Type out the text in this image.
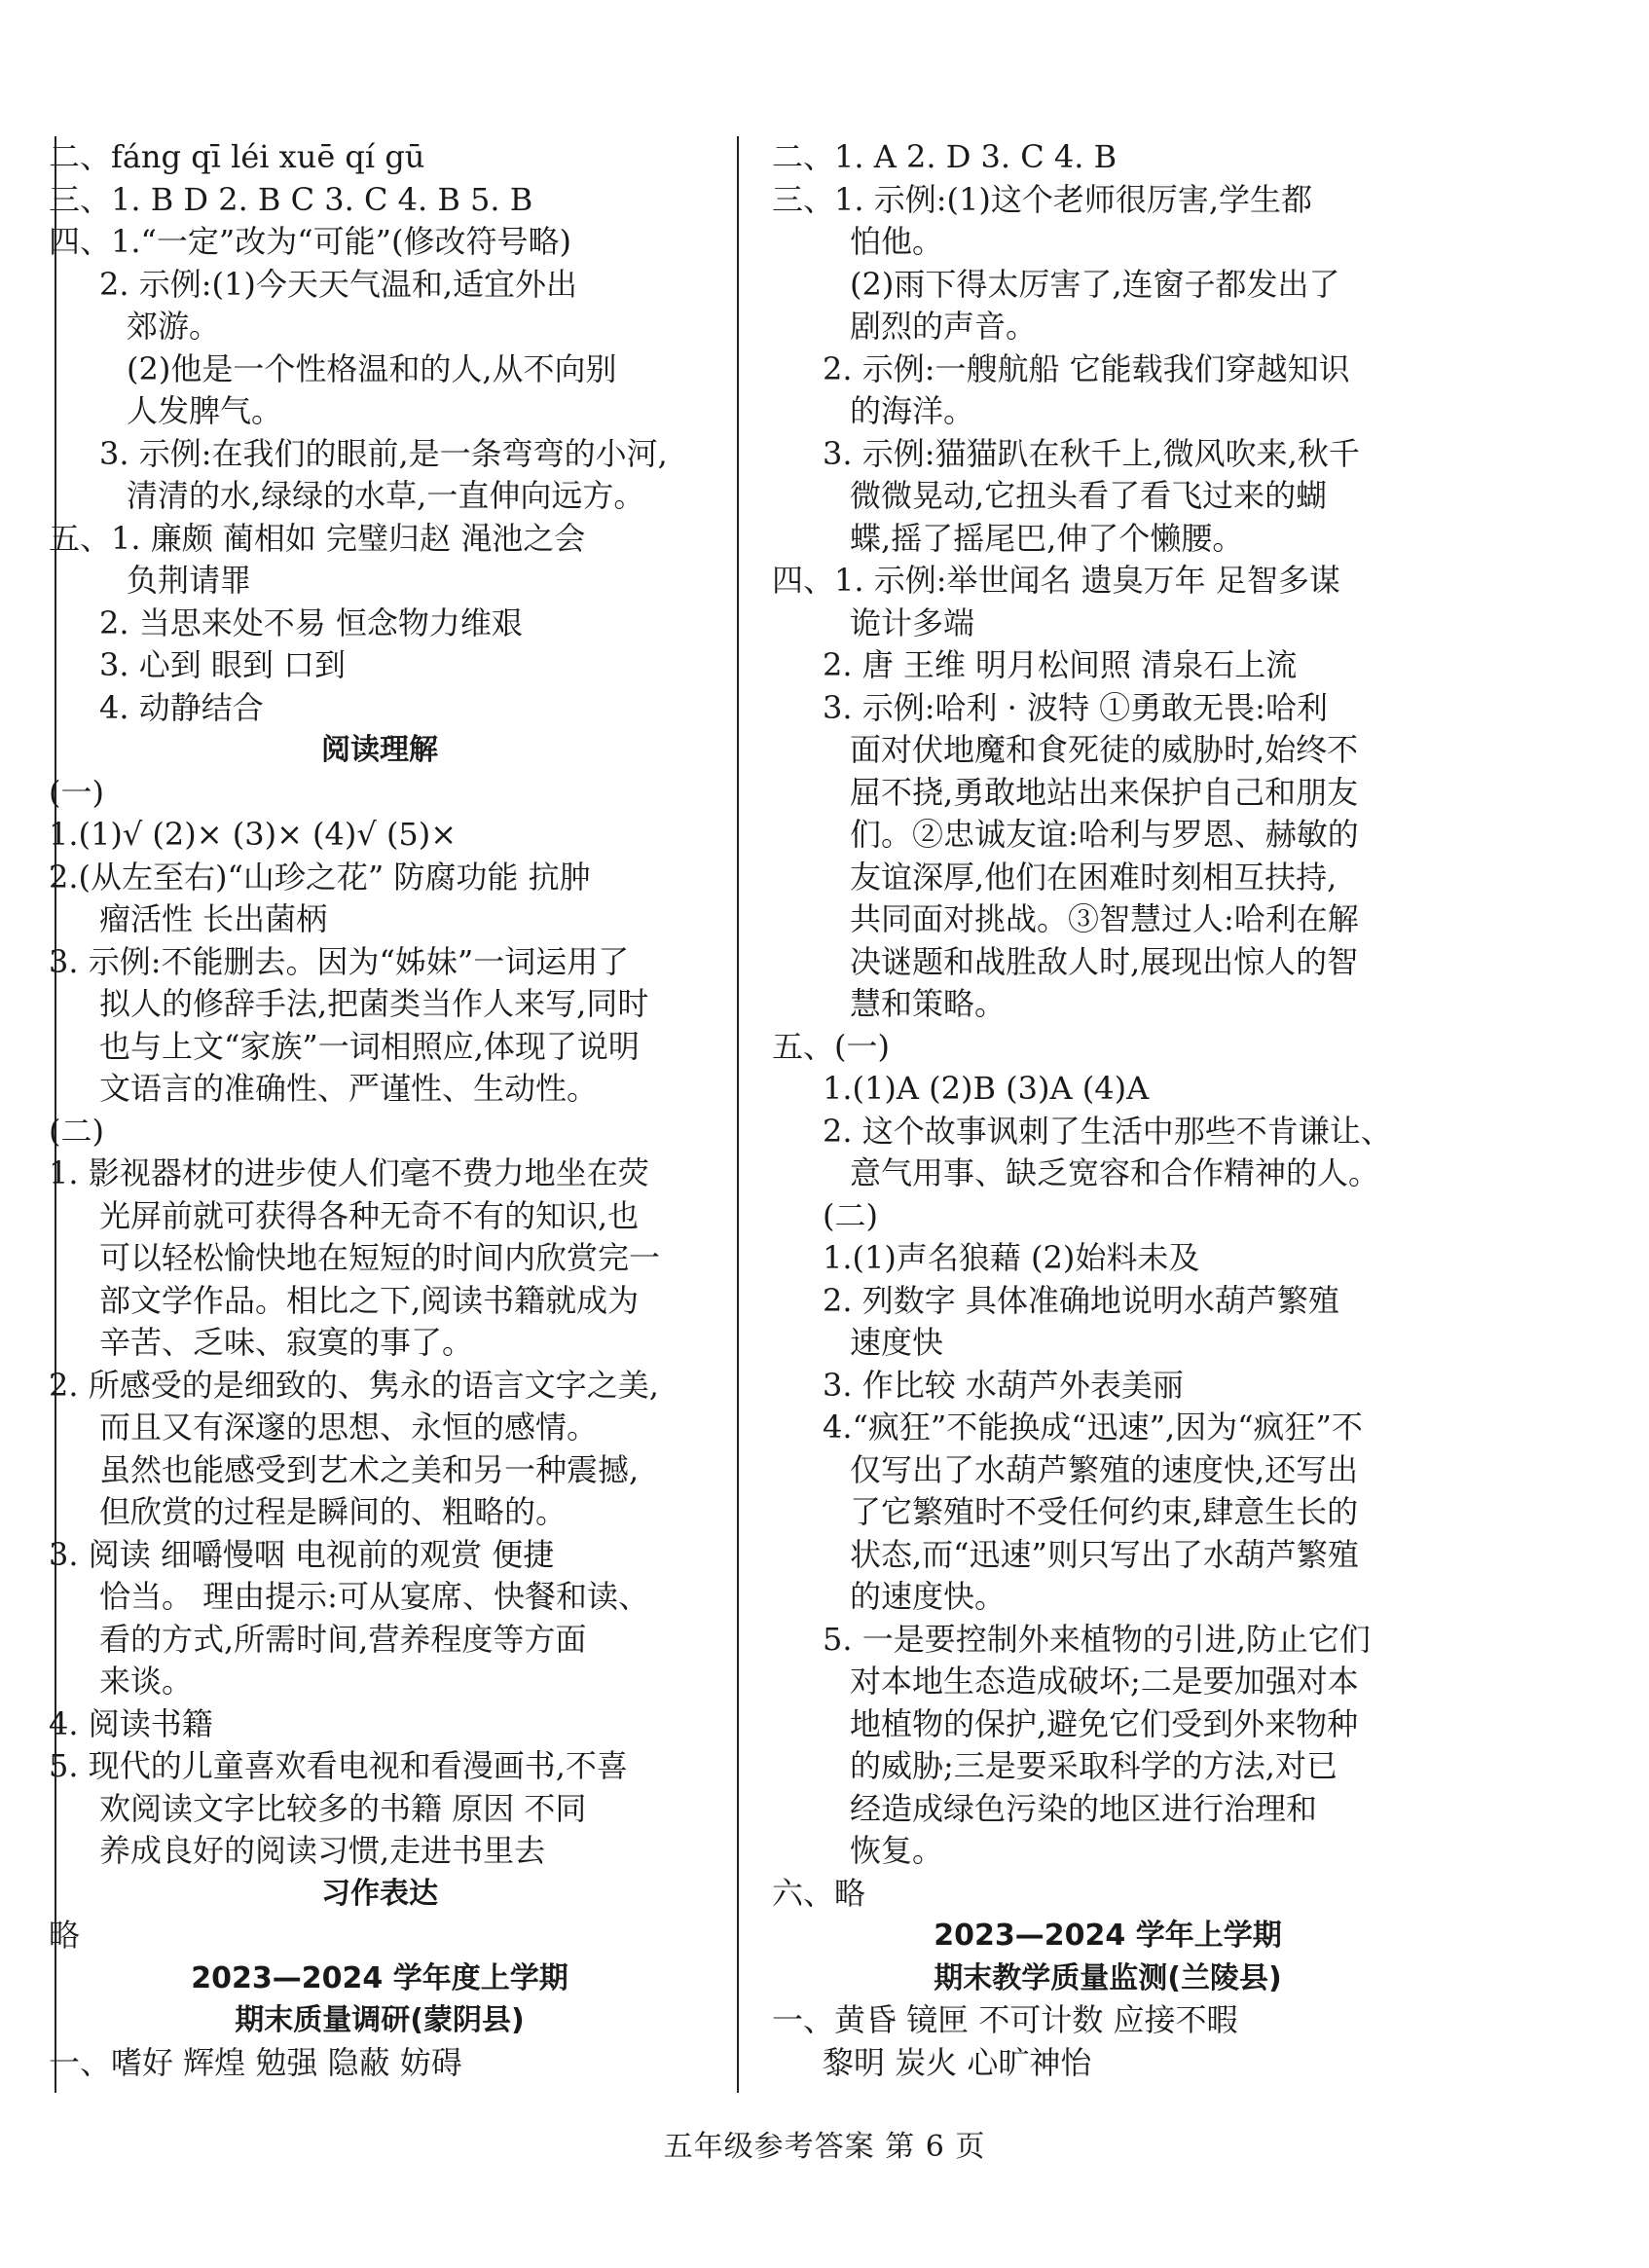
二、fáng qī léi xuē qí gū
三、1. B D 2. B C 3. C 4. B 5. B
四、1.“一定”改为“可能”(修改符号略)
2. 示例:(1)今天天气温和,适宜外出
郊游。
(2)他是一个性格温和的人,从不向别
人发脾气。
3. 示例:在我们的眼前,是一条弯弯的小河,
清清的水,绿绿的水草,一直伸向远方。
五、1. 廉颇 蔺相如 完璧归赵 渑池之会
负荆请罪
2. 当思来处不易 恒念物力维艰
3. 心到 眼到 口到
4. 动静结合
阅读理解
(一)
1.(1)√ (2)× (3)× (4)√ (5)×
2.(从左至右)“山珍之花” 防腐功能 抗肿
瘤活性 长出菌柄
3. 示例:不能删去。因为“姊妹”一词运用了
拟人的修辞手法,把菌类当作人来写,同时
也与上文“家族”一词相照应,体现了说明
文语言的准确性、严谨性、生动性。
(二)
1. 影视器材的进步使人们毫不费力地坐在荧
光屏前就可获得各种无奇不有的知识,也
可以轻松愉快地在短短的时间内欣赏完一
部文学作品。相比之下,阅读书籍就成为
辛苦、乏味、寂寞的事了。
2. 所感受的是细致的、隽永的语言文字之美,
而且又有深邃的思想、永恒的感情。
虽然也能感受到艺术之美和另一种震撼,
但欣赏的过程是瞬间的、粗略的。
3. 阅读 细嚼慢咽 电视前的观赏 便捷
恰当。 理由提示:可从宴席、快餐和读、
看的方式,所需时间,营养程度等方面
来谈。
4. 阅读书籍
5. 现代的儿童喜欢看电视和看漫画书,不喜
欢阅读文字比较多的书籍 原因 不同
养成良好的阅读习惯,走进书里去
习作表达
略
2023—2024 学年度上学期
期末质量调研(蒙阴县)
一、嗜好 辉煌 勉强 隐蔽 妨碍
二、1. A 2. D 3. C 4. B
三、1. 示例:(1)这个老师很厉害,学生都
怕他。
(2)雨下得太厉害了,连窗子都发出了
剧烈的声音。
2. 示例:一艘航船 它能载我们穿越知识
的海洋。
3. 示例:猫猫趴在秋千上,微风吹来,秋千
微微晃动,它扭头看了看飞过来的蝴
蝶,摇了摇尾巴,伸了个懒腰。
四、1. 示例:举世闻名 遗臭万年 足智多谋
诡计多端
2. 唐 王维 明月松间照 清泉石上流
3. 示例:哈利 · 波特 ①勇敢无畏:哈利
面对伏地魔和食死徒的威胁时,始终不
屈不挠,勇敢地站出来保护自己和朋友
们。②忠诚友谊:哈利与罗恩、赫敏的
友谊深厚,他们在困难时刻相互扶持,
共同面对挑战。③智慧过人:哈利在解
决谜题和战胜敌人时,展现出惊人的智
慧和策略。
五、(一)
1.(1)A (2)B (3)A (4)A
2. 这个故事讽刺了生活中那些不肯谦让、
意气用事、缺乏宽容和合作精神的人。
(二)
1.(1)声名狼藉 (2)始料未及
2. 列数字 具体准确地说明水葫芦繁殖
速度快
3. 作比较 水葫芦外表美丽
4.“疯狂”不能换成“迅速”,因为“疯狂”不
仅写出了水葫芦繁殖的速度快,还写出
了它繁殖时不受任何约束,肆意生长的
状态,而“迅速”则只写出了水葫芦繁殖
的速度快。
5. 一是要控制外来植物的引进,防止它们
对本地生态造成破坏;二是要加强对本
地植物的保护,避免它们受到外来物种
的威胁;三是要采取科学的方法,对已
经造成绿色污染的地区进行治理和
恢复。
六、略
2023—2024 学年上学期
期末教学质量监测(兰陵县)
一、黄昏 镜匣 不可计数 应接不暇
黎明 炭火 心旷神怡
五年级参考答案 第 6 页
